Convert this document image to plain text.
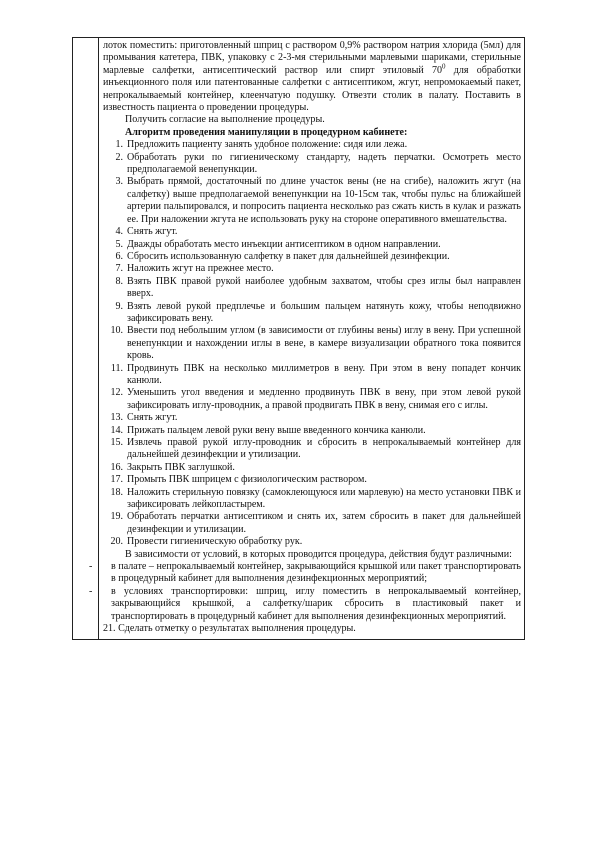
лоток поместить: приготовленный шприц с раствором 0,9% раствором натрия хлорида (5мл) для промывания катетера, ПВК, упаковку с 2-3-мя стерильными марлевыми шариками, стерильные марлевые салфетки, антисептический раствор или спирт этиловый $70^0$ для обработки инъекционного поля или патентованные салфетки с антисептиком, жгут, непромокаемый пакет, непрокалываемый контейнер, клеенчатую подушку. Отвезти столик в палату. Поставить в известность пациента о проведении процедуры.

Получить согласие на выполнение процедуры.

Алгоритм проведения манипуляции в процедурном кабинете:

1. Предложить пациенту занять удобное положение: сидя или лежа.
2. Обработать руки по гигиеническому стандарту, надеть перчатки. Осмотреть место предполагаемой венепункции.
3. Выбрать прямой, достаточный по длине участок вены (не на сгибе), наложить жгут (на салфетку) выше предполагаемой венепункции на 10-15см так, чтобы пульс на ближайшей артерии пальпировался, и попросить пациента несколько раз сжать кисть в кулак и разжать ее. При наложении жгута не использовать руку на стороне оперативного вмешательства.
4. Снять жгут.
5. Дважды обработать место инъекции антисептиком в одном направлении.
6. Сбросить использованную салфетку в пакет для дальнейшей дезинфекции.
7. Наложить жгут на прежнее место.
8. Взять ПВК правой рукой наиболее удобным захватом, чтобы срез иглы был направлен вверх.
9. Взять левой рукой предплечье и большим пальцем натянуть кожу, чтобы неподвижно зафиксировать вену.
10. Ввести под небольшим углом (в зависимости от глубины вены) иглу в вену. При успешной венепункции и нахождении иглы в вене, в камере визуализации обратного тока появится кровь.
11. Продвинуть ПВК на несколько миллиметров в вену. При этом в вену попадет кончик канюли.
12. Уменьшить угол введения и медленно продвинуть ПВК в вену, при этом левой рукой зафиксировать иглу-проводник, а правой продвигать ПВК в вену, снимая его с иглы.
13. Снять жгут.
14. Прижать пальцем левой руки вену выше введенного кончика канюли.
15. Извлечь правой рукой иглу-проводник и сбросить в непрокалываемый контейнер для дальнейшей дезинфекции и утилизации.
16. Закрыть ПВК заглушкой.
17. Промыть ПВК шприцем с физиологическим раствором.
18. Наложить стерильную повязку (самоклеющуюся или марлевую) на место установки ПВК и зафиксировать лейкопластырем.
19. Обработать перчатки антисептиком и снять их, затем сбросить в пакет для дальнейшей дезинфекции и утилизации.
20. Провести гигиеническую обработку рук.

В зависимости от условий, в которых проводится процедура, действия будут различными:

-	в палате – непрокалываемый контейнер, закрывающийся крышкой или пакет транспортировать в процедурный кабинет для выполнения дезинфекционных мероприятий;
-	в условиях транспортировки: шприц, иглу поместить в непрокалываемый контейнер, закрывающийся крышкой, а салфетку/шарик сбросить в пластиковый пакет и транспортировать в процедурный кабинет для выполнения дезинфекционных мероприятий.

21. Сделать отметку о результатах выполнения процедуры.
